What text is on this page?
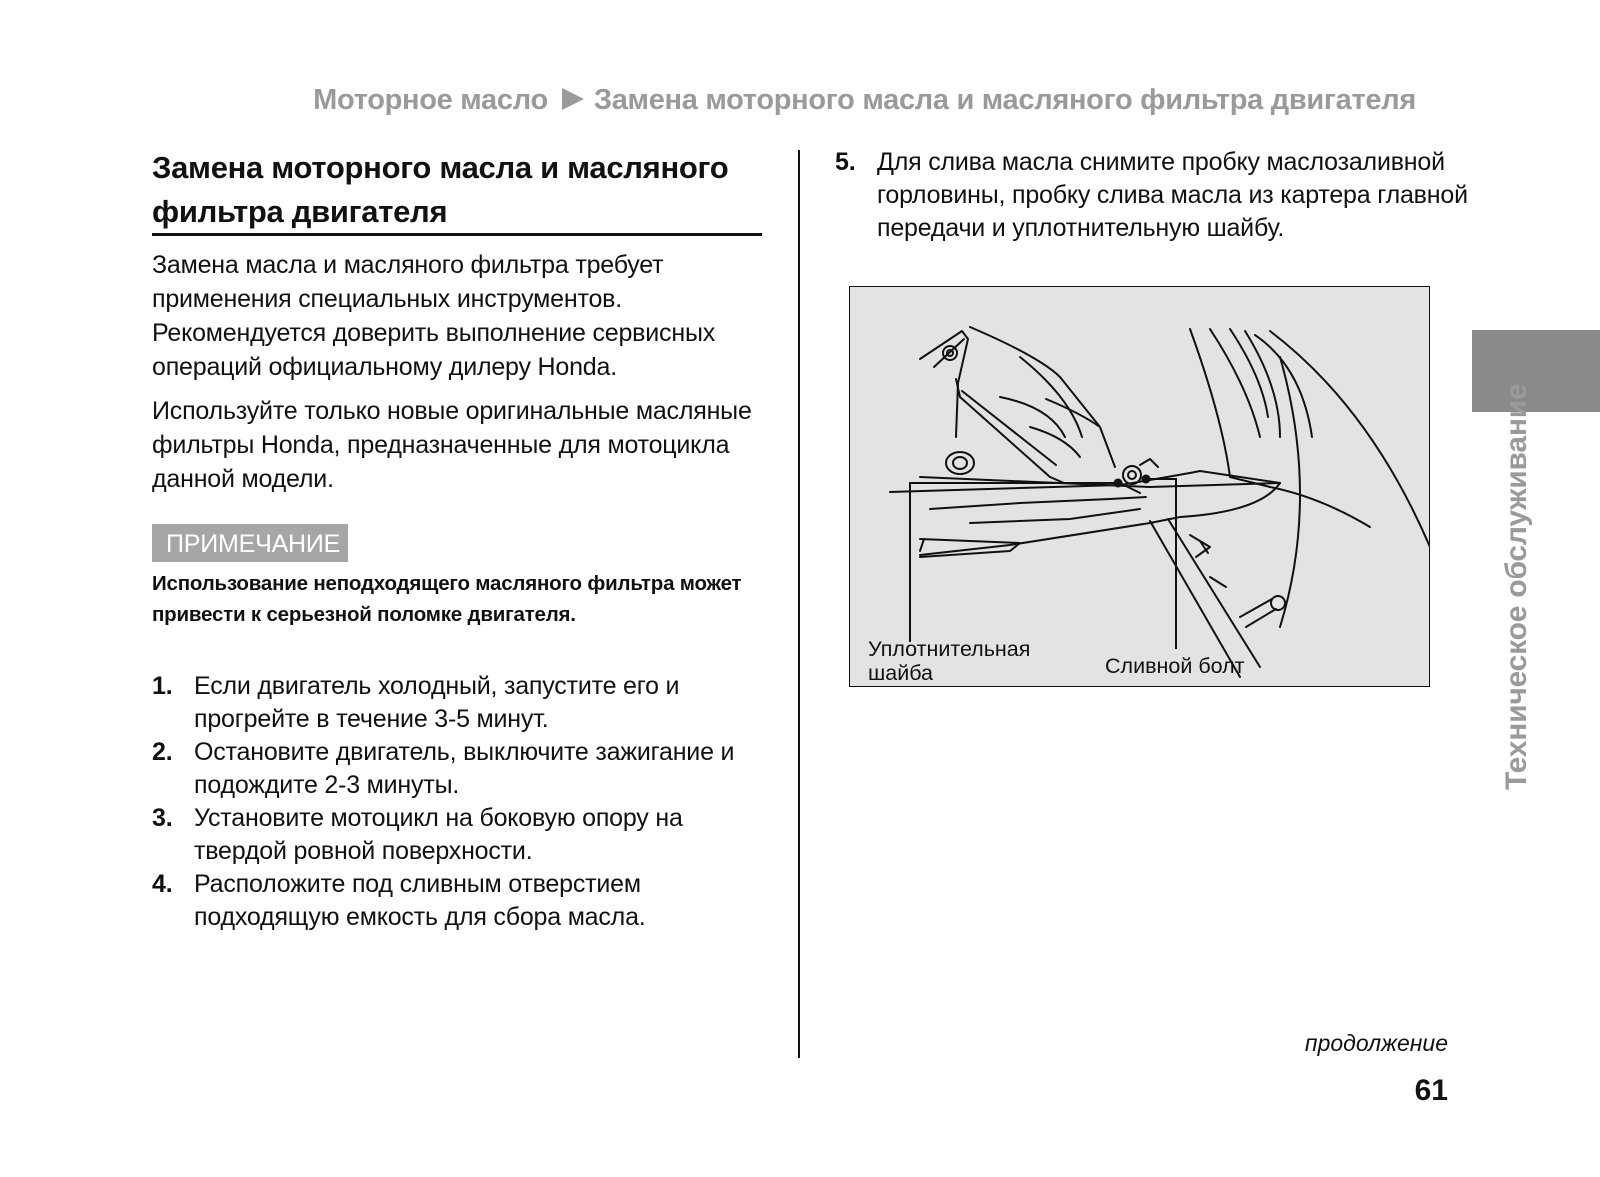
Моторное масло Замена моторного масла и масляного фильтра двигателя
Замена моторного масла и масляного фильтра двигателя
Замена масла и масляного фильтра требует применения специальных инструментов. Рекомендуется доверить выполнение сервисных операций официальному дилеру Honda.
Используйте только новые оригинальные масляные фильтры Honda, предназначенные для мотоцикла данной модели.
ПРИМЕЧАНИЕ
Использование неподходящего масляного фильтра может привести к серьезной поломке двигателя.
1. Если двигатель холодный, запустите его и прогрейте в течение 3-5 минут.
2. Остановите двигатель, выключите зажигание и подождите 2-3 минуты.
3. Установите мотоцикл на боковую опору на твердой ровной поверхности.
4. Расположите под сливным отверстием подходящую емкость для сбора масла.
5. Для слива масла снимите пробку маслозаливной горловины, пробку слива масла из картера главной передачи и уплотнительную шайбу.
Уплотнительная
шайба	Сливной болт	Техническое обслуживание
продолжение
61
